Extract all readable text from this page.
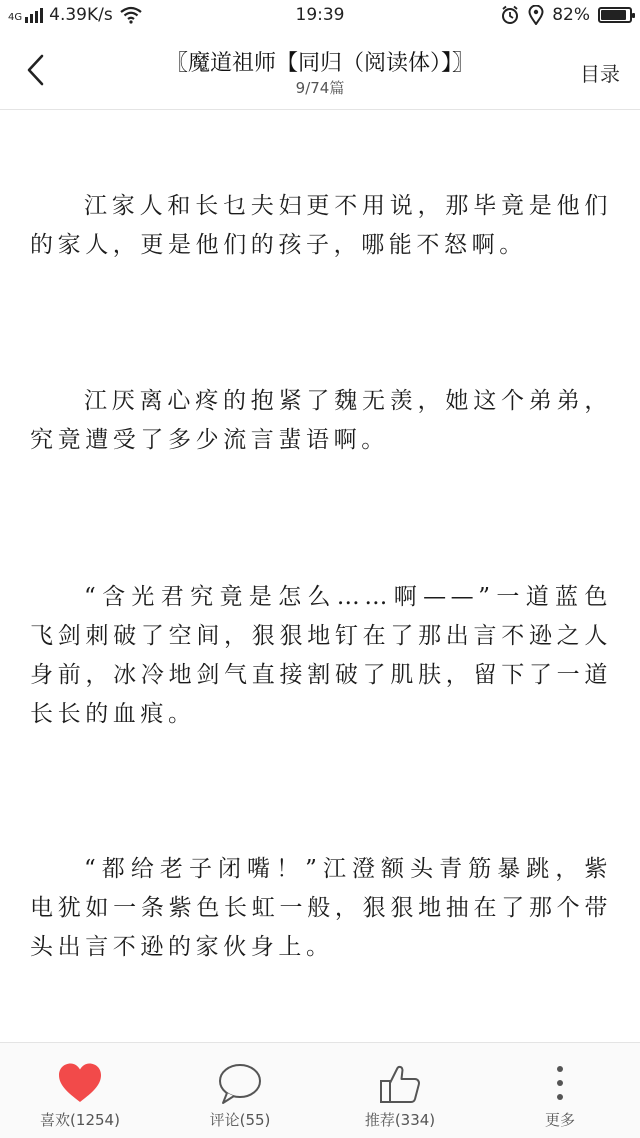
4G 4.39K/s	19:39	82%
〖魔道祖师【同归（阅读体）】〗
9/74篇
目录

江家人和长乜夫妇更不用说，那毕竟是他们的家人，更是他们的孩子，哪能不怒啊。

江厌离心疼的抱紧了魏无羡，她这个弟弟，究竟遭受了多少流言蜚语啊。

“含光君究竟是怎么……啊——”一道蓝色飞剑刺破了空间，狠狠地钉在了那出言不逊之人身前，冰冷地剑气直接割破了肌肤，留下了一道长长的血痕。

“都给老子闭嘴！”江澄额头青筋暴跳，紫电犹如一条紫色长虹一般，狠狠地抽在了那个带头出言不逊的家伙身上。

喜欢(1254)	评论(55)	推荐(334)	更多
